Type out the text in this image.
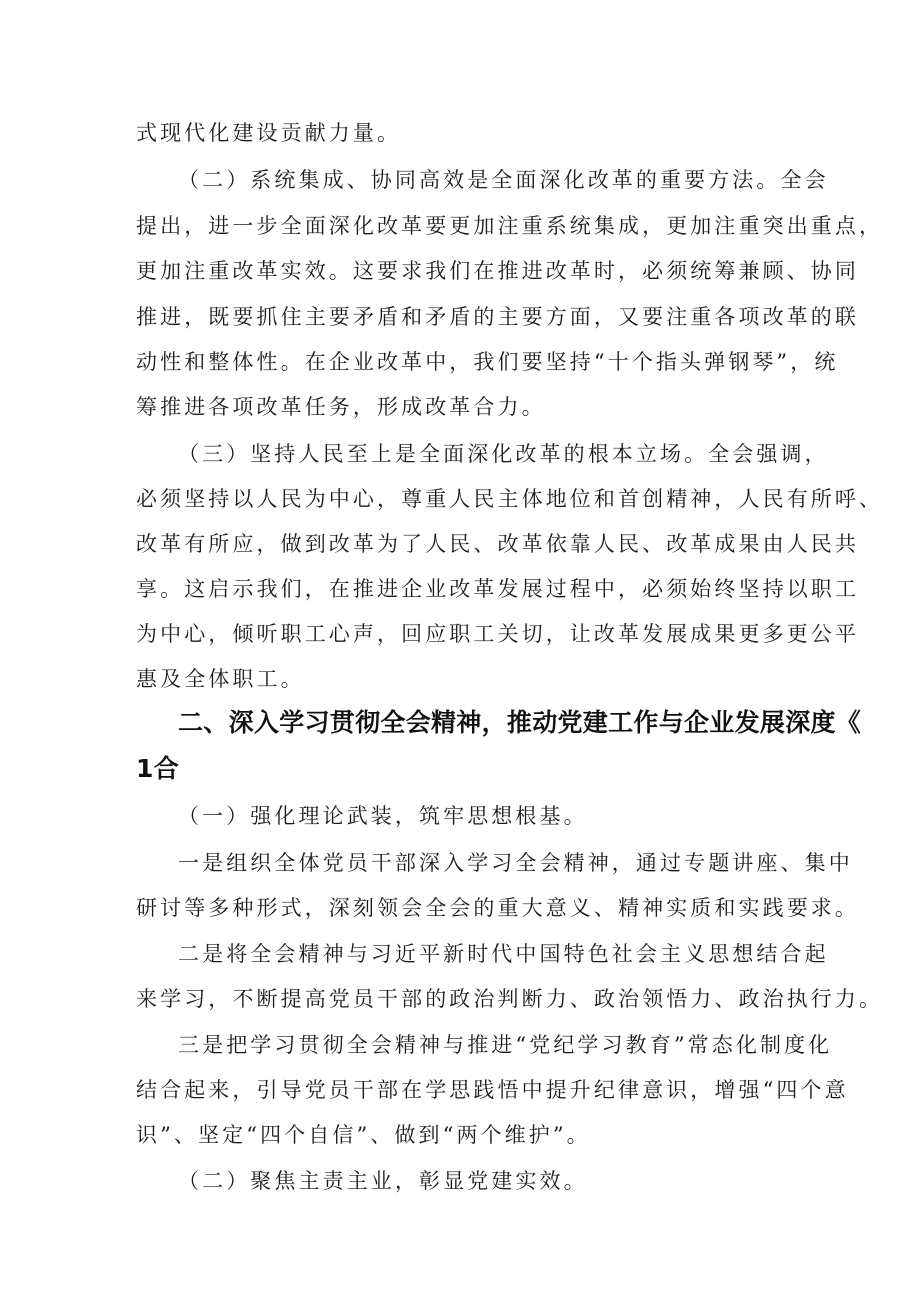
式现代化建设贡献力量。

（二）系统集成、协同高效是全面深化改革的重要方法。全会

提出，进一步全面深化改革要更加注重系统集成，更加注重突出重点，

更加注重改革实效。这要求我们在推进改革时，必须统筹兼顾、协同

推进，既要抓住主要矛盾和矛盾的主要方面，又要注重各项改革的联

动性和整体性。在企业改革中，我们要坚持“十个指头弹钢琴”，统

筹推进各项改革任务，形成改革合力。

（三）坚持人民至上是全面深化改革的根本立场。全会强调，

必须坚持以人民为中心，尊重人民主体地位和首创精神，人民有所呼、

改革有所应，做到改革为了人民、改革依靠人民、改革成果由人民共

享。这启示我们，在推进企业改革发展过程中，必须始终坚持以职工

为中心，倾听职工心声，回应职工关切，让改革发展成果更多更公平

惠及全体职工。

二、深入学习贯彻全会精神，推动党建工作与企业发展深度《
1合

（一）强化理论武装，筑牢思想根基。

一是组织全体党员干部深入学习全会精神，通过专题讲座、集中

研讨等多种形式，深刻领会全会的重大意义、精神实质和实践要求。

二是将全会精神与习近平新时代中国特色社会主义思想结合起

来学习，不断提高党员干部的政治判断力、政治领悟力、政治执行力。

三是把学习贯彻全会精神与推进“党纪学习教育”常态化制度化

结合起来，引导党员干部在学思践悟中提升纪律意识，增强“四个意

识”、坚定“四个自信”、做到“两个维护”。

（二）聚焦主责主业，彰显党建实效。
